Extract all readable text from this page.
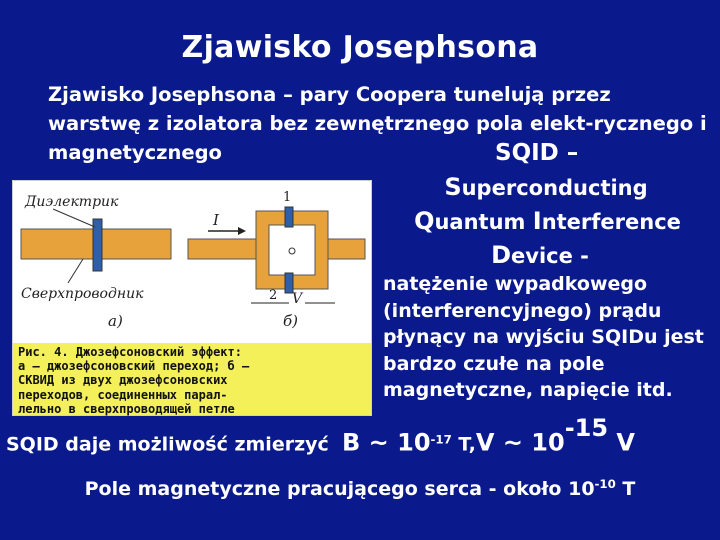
Zjawisko Josephsona
Zjawisko Josephsona – pary Coopera tunelują przez warstwę z izolatora bez zewnętrznego pola elekt-rycznego i magnetycznego	SQID –
Superconducting
Quantum Interference
Device -
natężenie wypadkowego (interferencyjnego) prądu płynący na wyjściu SQIDu jest bardzo czułe na pole magnetyczne, napięcie itd.
Диэлектрик
Сверхпроводник
a)
I
1
2 V
б)
Рис. 4. Джозефсоновский эффект:
а — джозефсоновский переход; б —
СКВИД из двух джозефсоновских
переходов, соединенных парал-
лельно в сверхпроводящей петле
SQID daje możliwość zmierzyć B ~ $10^{-17}$ T,V ~ $10^{-15}$ V
Pole magnetyczne pracującego serca - około $10^{-10}$ T
